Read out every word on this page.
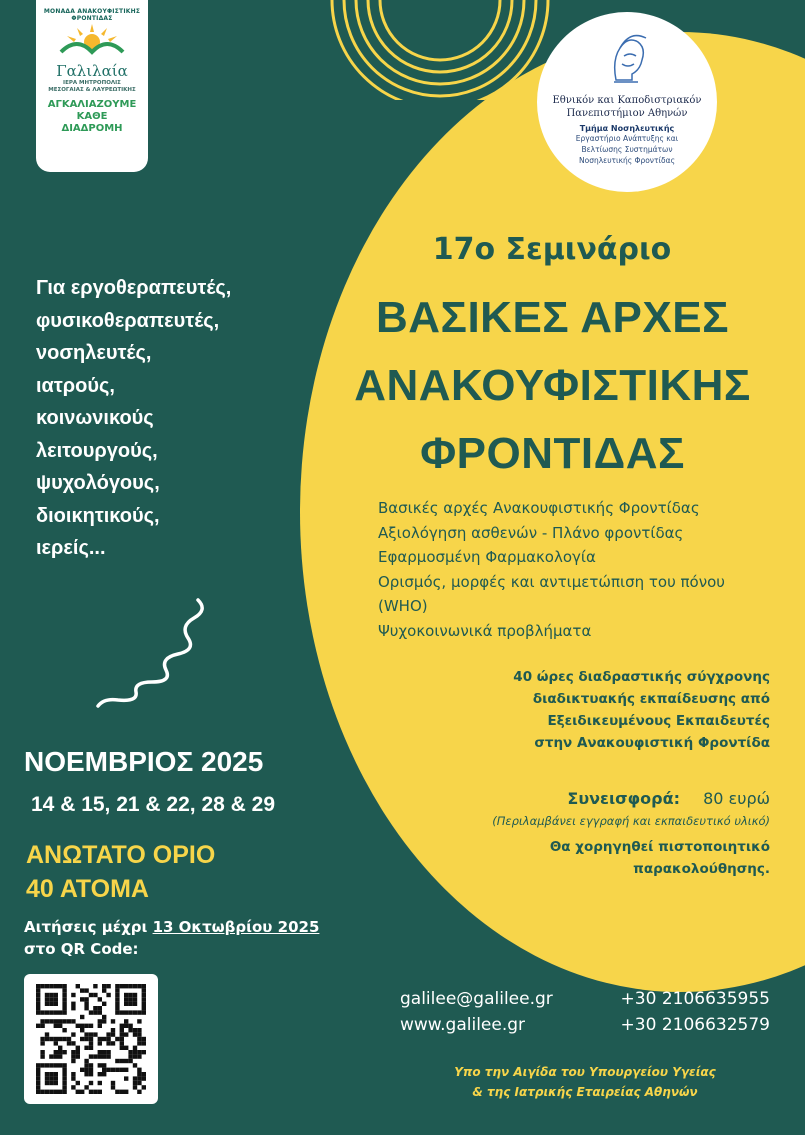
ΜΟΝΑΔΑ ΑΝΑΚΟΥΦΙΣΤΙΚΗΣ ΦΡΟΝΤΙΔΑΣ
Γαλιλαία
ΙΕΡΑ ΜΗΤΡΟΠΟΛΙΣ
ΜΕΣΟΓΑΙΑΣ & ΛΑΥΡΕΩΤΙΚΗΣ
ΑΓΚΑΛΙΑΖΟΥΜΕ
ΚΑΘΕ
ΔΙΑΔΡΟΜΗ
Εθνικόν και Καποδιστριακόν
Πανεπιστήμιον Αθηνών
Τμήμα Νοσηλευτικής
Εργαστήριο Ανάπτυξης και
Βελτίωσης Συστημάτων
Νοσηλευτικής Φροντίδας
17ο Σεμινάριο
ΒΑΣΙΚΕΣ ΑΡΧΕΣ
ΑΝΑΚΟΥΦΙΣΤΙΚΗΣ
ΦΡΟΝΤΙΔΑΣ
Βασικές αρχές Ανακουφιστικής Φροντίδας
Αξιολόγηση ασθενών - Πλάνο φροντίδας
Εφαρμοσμένη Φαρμακολογία
Ορισμός, μορφές και αντιμετώπιση του πόνου
(WHO)
Ψυχοκοινωνικά προβλήματα
40 ώρες διαδραστικής σύγχρονης
διαδικτυακής εκπαίδευσης από
Εξειδικευμένους Εκπαιδευτές
στην Ανακουφιστική Φροντίδα
Συνεισφορά: 80 ευρώ
(Περιλαμβάνει εγγραφή και εκπαιδευτικό υλικό)
Θα χορηγηθεί πιστοποιητικό
παρακολούθησης.
Για εργοθεραπευτές,
φυσικοθεραπευτές,
νοσηλευτές,
ιατρούς,
κοινωνικούς
λειτουργούς,
ψυχολόγους,
διοικητικούς,
ιερείς...
ΝΟΕΜΒΡΙΟΣ 2025
14 & 15, 21 & 22, 28 & 29
ΑΝΩΤΑΤΟ ΟΡΙΟ
40 ΑΤΟΜΑ
Αιτήσεις μέχρι 13 Οκτωβρίου 2025
στο QR Code:
galilee@galilee.gr	+30 2106635955
www.galilee.gr	+30 2106632579
Υπο την Αιγίδα του Υπουργείου Υγείας
& της Ιατρικής Εταιρείας Αθηνών
